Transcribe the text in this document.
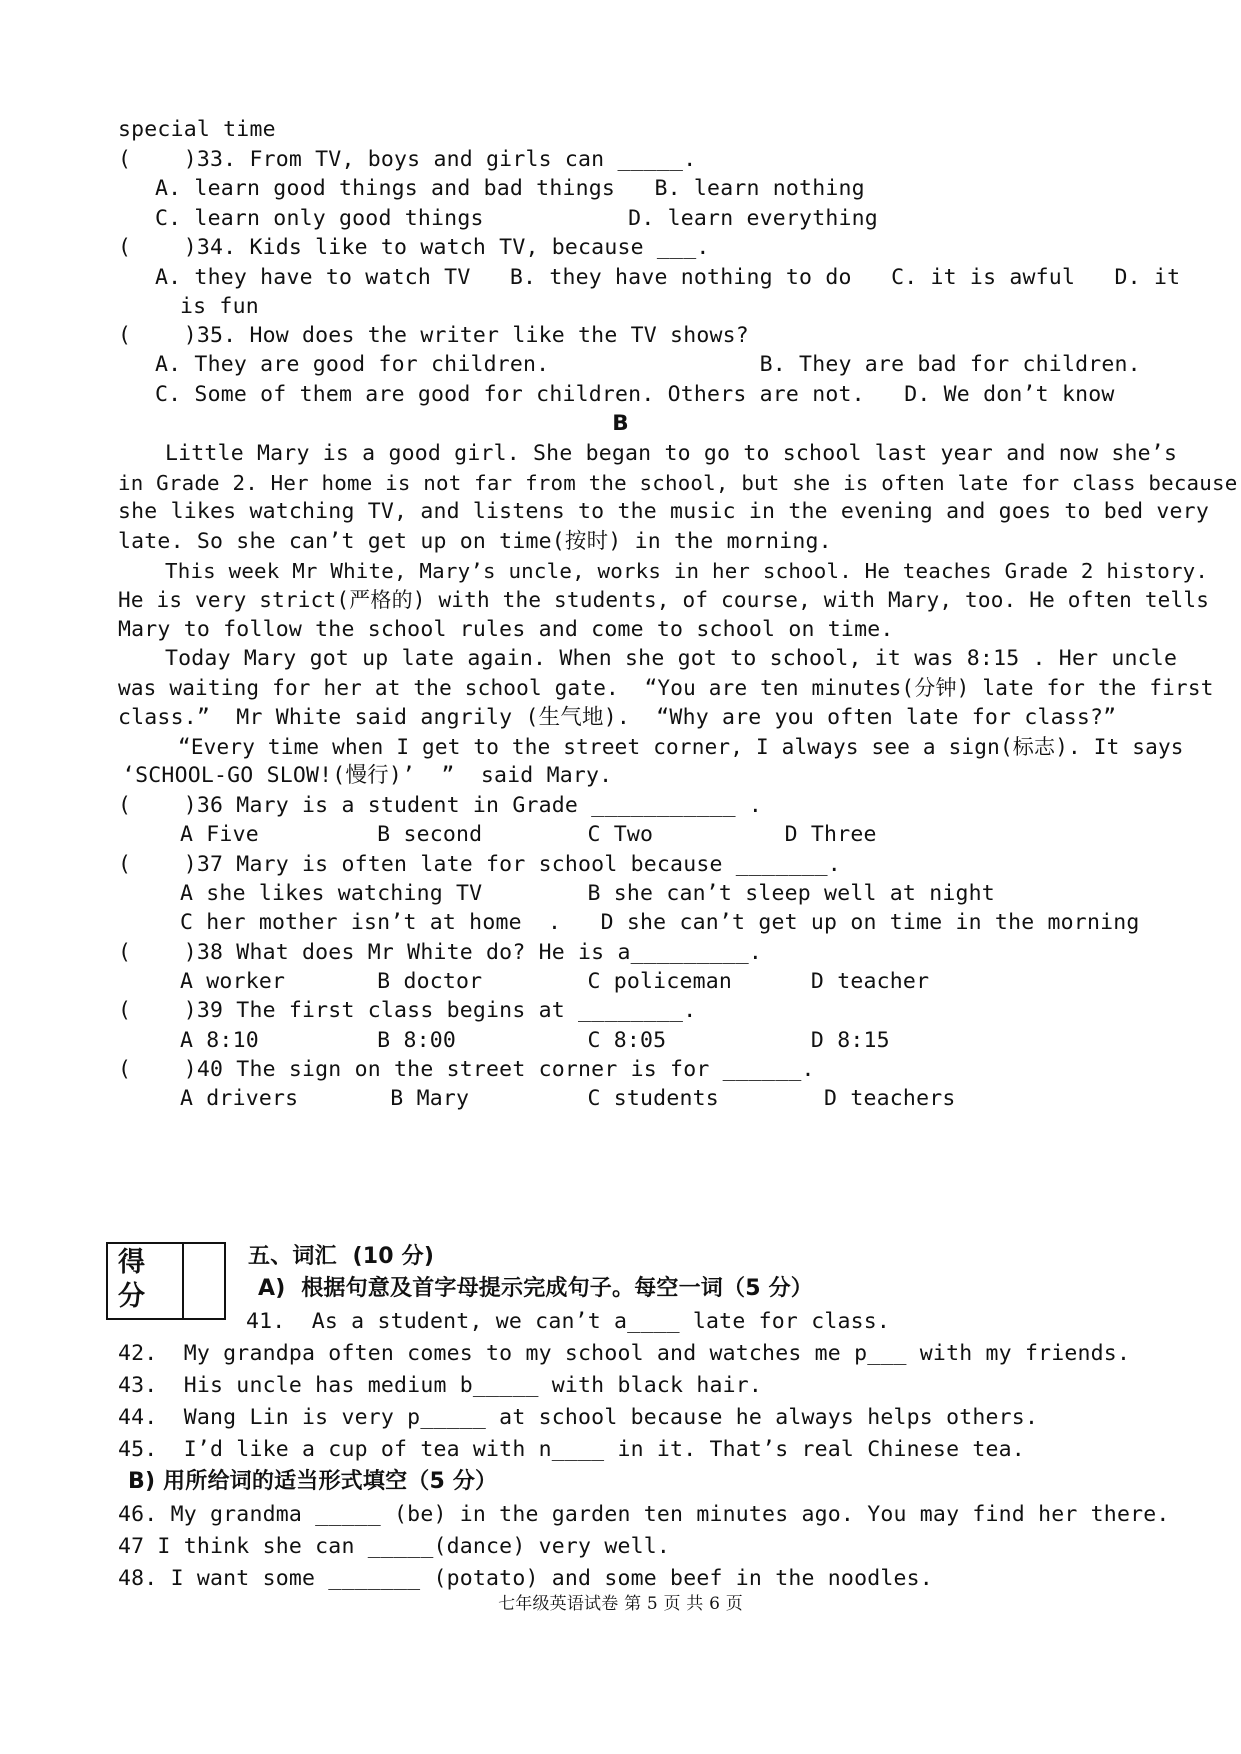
special time
(    )33. From TV, boys and girls can _____.
A. learn good things and bad things   B. learn nothing
C. learn only good things           D. learn everything
(    )34. Kids like to watch TV, because ___.
A. they have to watch TV   B. they have nothing to do   C. it is awful   D. it
is fun
(    )35. How does the writer like the TV shows?
A. They are good for children.                B. They are bad for children.
C. Some of them are good for children. Others are not.   D. We don’t know
B
Little Mary is a good girl. She began to go to school last year and now she’s
in Grade 2. Her home is not far from the school, but she is often late for class because
she likes watching TV, and listens to the music in the evening and goes to bed very
late. So she can’t get up on time(按时) in the morning.
This week Mr White, Mary’s uncle, works in her school. He teaches Grade 2 history.
He is very strict(严格的) with the students, of course, with Mary, too. He often tells
Mary to follow the school rules and come to school on time.
Today Mary got up late again. When she got to school, it was 8:15 . Her uncle
was waiting for her at the school gate.  “You are ten minutes(分钟) late for the first
class.”  Mr White said angrily (生气地).  “Why are you often late for class?”
“Every time when I get to the street corner, I always see a sign(标志). It says
‘SCHOOL-GO SLOW!(慢行)’  ”  said Mary.
(    )36 Mary is a student in Grade ___________ .
A Five         B second        C Two          D Three
(    )37 Mary is often late for school because _______.
A she likes watching TV        B she can’t sleep well at night
C her mother isn’t at home  .   D she can’t get up on time in the morning
(    )38 What does Mr White do? He is a_________.
A worker       B doctor        C policeman      D teacher
(    )39 The first class begins at ________.
A 8:10         B 8:00          C 8:05           D 8:15
(    )40 The sign on the street corner is for ______.
A drivers       B Mary         C students        D teachers
得分
五、词汇  (10 分)
A)  根据句意及首字母提示完成句子。每空一词（5 分）
41.  As a student, we can’t a____ late for class.
42.  My grandpa often comes to my school and watches me p___ with my friends.
43.  His uncle has medium b_____ with black hair.
44.  Wang Lin is very p_____ at school because he always helps others.
45.  I’d like a cup of tea with n____ in it. That’s real Chinese tea.
B) 用所给词的适当形式填空（5 分）
46. My grandma _____ (be) in the garden ten minutes ago. You may find her there.
47 I think she can _____(dance) very well.
48. I want some _______ (potato) and some beef in the noodles.
七年级英语试卷 第 5 页 共 6 页
